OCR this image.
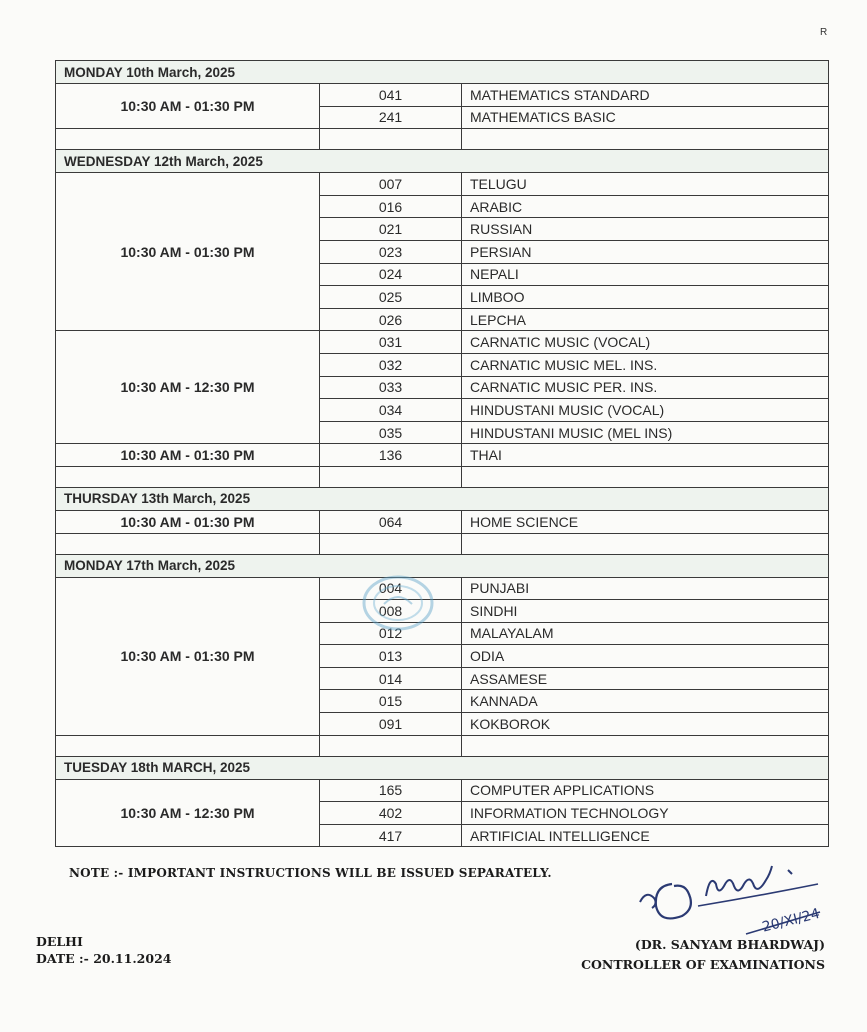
R
MONDAY 10th March, 2025		
10:30 AM - 01:30 PM	041	MATHEMATICS STANDARD
	241	MATHEMATICS BASIC

WEDNESDAY 12th March, 2025		
10:30 AM - 01:30 PM	007	TELUGU
	016	ARABIC
	021	RUSSIAN
	023	PERSIAN
	024	NEPALI
	025	LIMBOO
	026	LEPCHA
10:30 AM - 12:30 PM	031	CARNATIC MUSIC (VOCAL)
	032	CARNATIC MUSIC MEL. INS.
	033	CARNATIC MUSIC PER. INS.
	034	HINDUSTANI MUSIC (VOCAL)
	035	HINDUSTANI MUSIC (MEL INS)
10:30 AM - 01:30 PM	136	THAI

THURSDAY 13th March, 2025		
10:30 AM - 01:30 PM	064	HOME SCIENCE

MONDAY 17th March, 2025		
10:30 AM - 01:30 PM	004	PUNJABI
	008	SINDHI
	012	MALAYALAM
	013	ODIA
	014	ASSAMESE
	015	KANNADA
	091	KOKBOROK

TUESDAY 18th MARCH, 2025		
10:30 AM - 12:30 PM	165	COMPUTER APPLICATIONS
	402	INFORMATION TECHNOLOGY
	417	ARTIFICIAL INTELLIGENCE
NOTE :- IMPORTANT INSTRUCTIONS WILL BE ISSUED SEPARATELY.
DELHI
DATE :- 20.11.2024
20/XI/24
(DR. SANYAM BHARDWAJ)
CONTROLLER OF EXAMINATIONS
